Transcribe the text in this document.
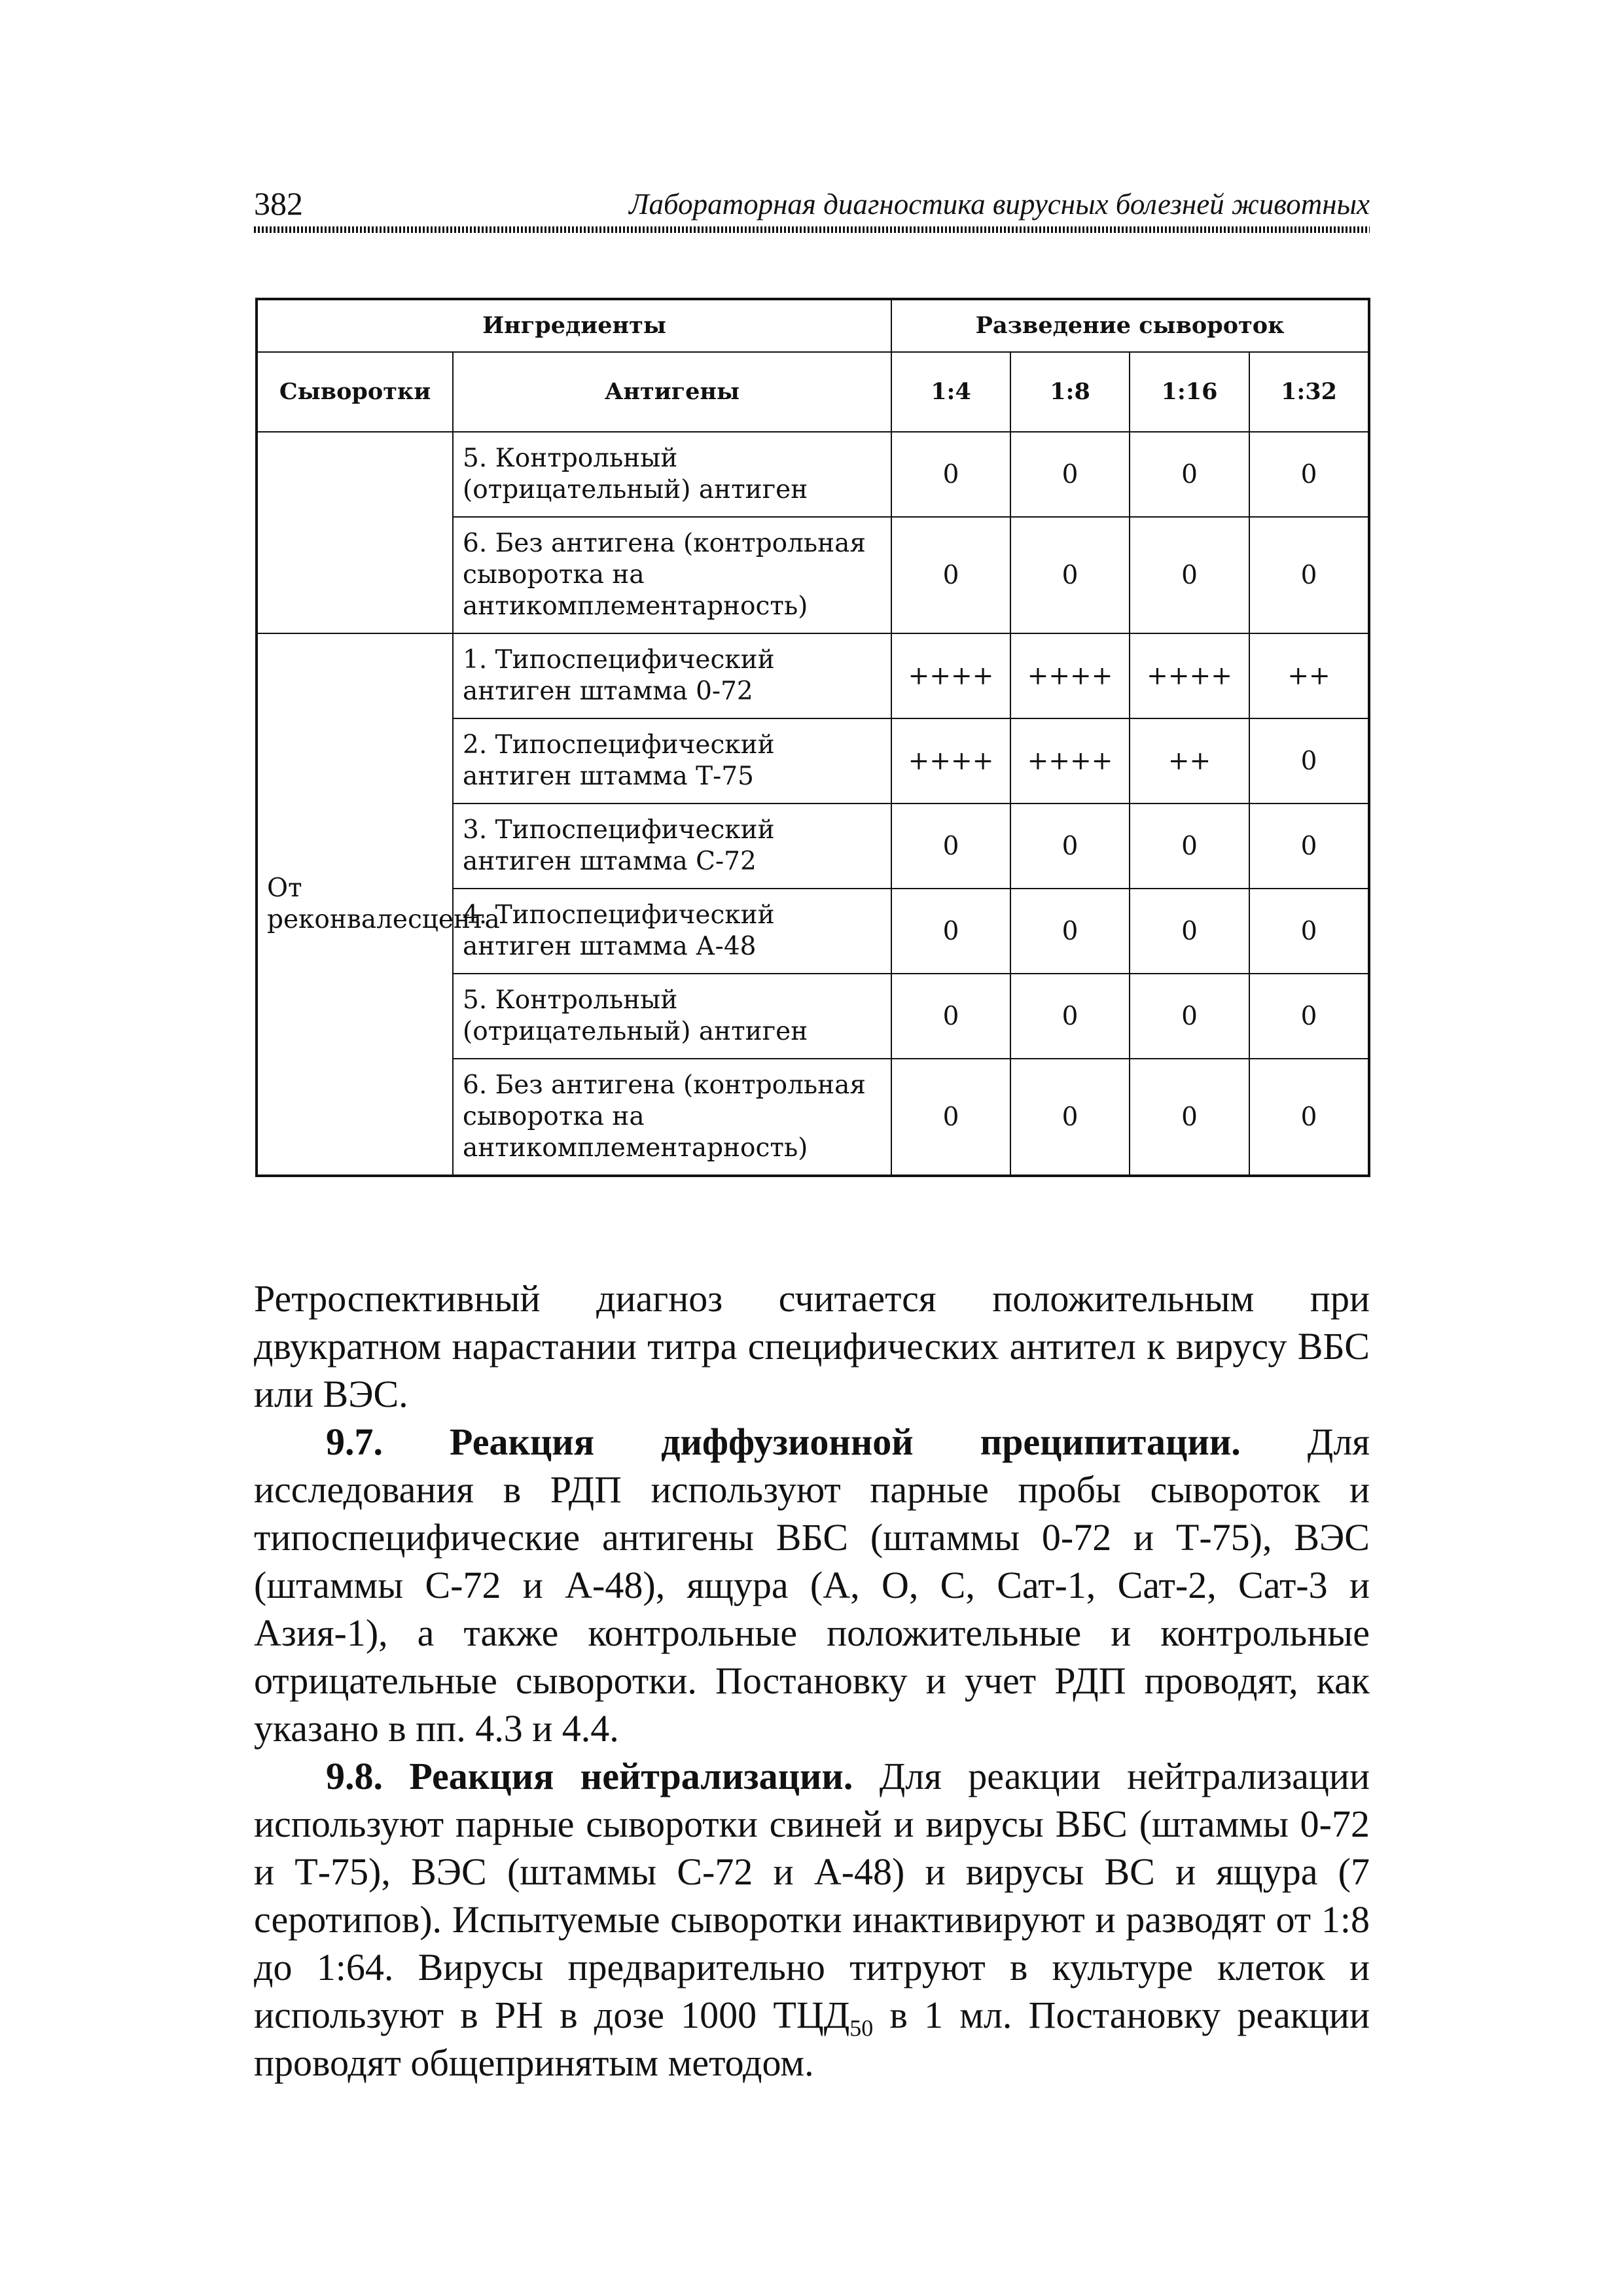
382	Лабораторная диагностика вирусных болезней животных
Ингредиенты		Разведение сывороток			
Сыворотки	Антигены	1:4	1:8	1:16	1:32
	5. Контрольный (отрицательный) антиген	0	0	0	0
	6. Без антигена (контрольная сыворотка на антикомплементарность)	0	0	0	0
От реконвалесцента	1. Типоспецифический антиген штамма 0-72	++++	++++	++++	++
	2. Типоспецифический антиген штамма Т-75	++++	++++	++	0
	3. Типоспецифический антиген штамма С-72	0	0	0	0
	4. Типоспецифический антиген штамма А-48	0	0	0	0
	5. Контрольный (отрицательный) антиген	0	0	0	0
	6. Без антигена (контрольная сыворотка на антикомплементарность)	0	0	0	0

Ретроспективный диагноз считается положительным при двукратном нарастании титра специфических антител к вирусу ВБС или ВЭС.

9.7. Реакция диффузионной преципитации. Для исследования в РДП используют парные пробы сывороток и типоспецифические антигены ВБС (штаммы 0-72 и Т-75), ВЭС (штаммы С-72 и А-48), ящура (А, О, С, Сат-1, Сат-2, Сат-3 и Азия-1), а также контрольные положительные и контрольные отрицательные сыворотки. Постановку и учет РДП проводят, как указано в пп. 4.3 и 4.4.

9.8. Реакция нейтрализации. Для реакции нейтрализации используют парные сыворотки свиней и вирусы ВБС (штаммы 0-72 и Т-75), ВЭС (штаммы С-72 и А-48) и вирусы ВС и ящура (7 серотипов). Испытуемые сыворотки инактивируют и разводят от 1:8 до 1:64. Вирусы предварительно титруют в культуре клеток и используют в РН в дозе 1000 $ТЦД_{50}$ в 1 мл. Постановку реакции проводят общепринятым методом.
